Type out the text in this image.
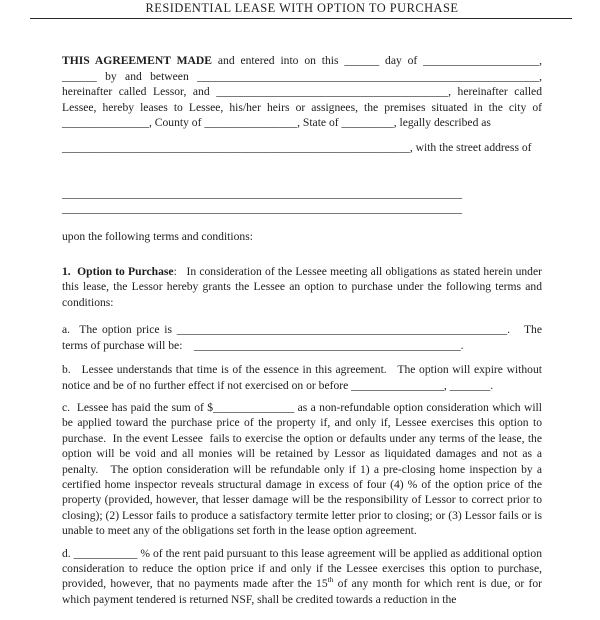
RESIDENTIAL LEASE WITH OPTION TO PURCHASE

THIS AGREEMENT MADE and entered into on this ______ day of ____________________, ______ by and between ___________________________________________________________, hereinafter called Lessor, and ________________________________________, hereinafter called Lessee, hereby leases to Lessee, his/her heirs or assignees, the premises situated in the city of _______________, County of ________________, State of _________, legally described as

____________________________________________________________, with the street address of

_____________________________________________________________________

_____________________________________________________________________

upon the following terms and conditions:

1.  Option to Purchase:   In consideration of the Lessee meeting all obligations as stated herein under this lease, the Lessor hereby grants the Lessee an option to purchase under the following terms and conditions:

a.  The option price is _________________________________________________________.   The terms of purchase will be:    ______________________________________________.

b.   Lessee understands that time is of the essence in this agreement.   The option will expire without notice and be of no further effect if not exercised on or before ________________, _______.

c.  Lessee has paid the sum of $______________ as a non-refundable option consideration which will be applied toward the purchase price of the property if, and only if, Lessee exercises this option to purchase.  In the event Lessee  fails to exercise the option or defaults under any terms of the lease, the option will be void and all monies will be retained by Lessor as liquidated damages and not as a penalty.   The option consideration will be refundable only if 1) a pre-closing home inspection by a certified home inspector reveals structural damage in excess of four (4) % of the option price of the property (provided, however, that lesser damage will be the responsibility of Lessor to correct prior to closing); (2) Lessor fails to produce a satisfactory termite letter prior to closing; or (3) Lessor fails or is unable to meet any of the obligations set forth in the lease option agreement.

d. ___________ % of the rent paid pursuant to this lease agreement will be applied as additional option consideration to reduce the option price if and only if the Lessee exercises this option to purchase, provided, however, that no payments made after the 15th of any month for which rent is due, or for which payment tendered is returned NSF, shall be credited towards a reduction in the
